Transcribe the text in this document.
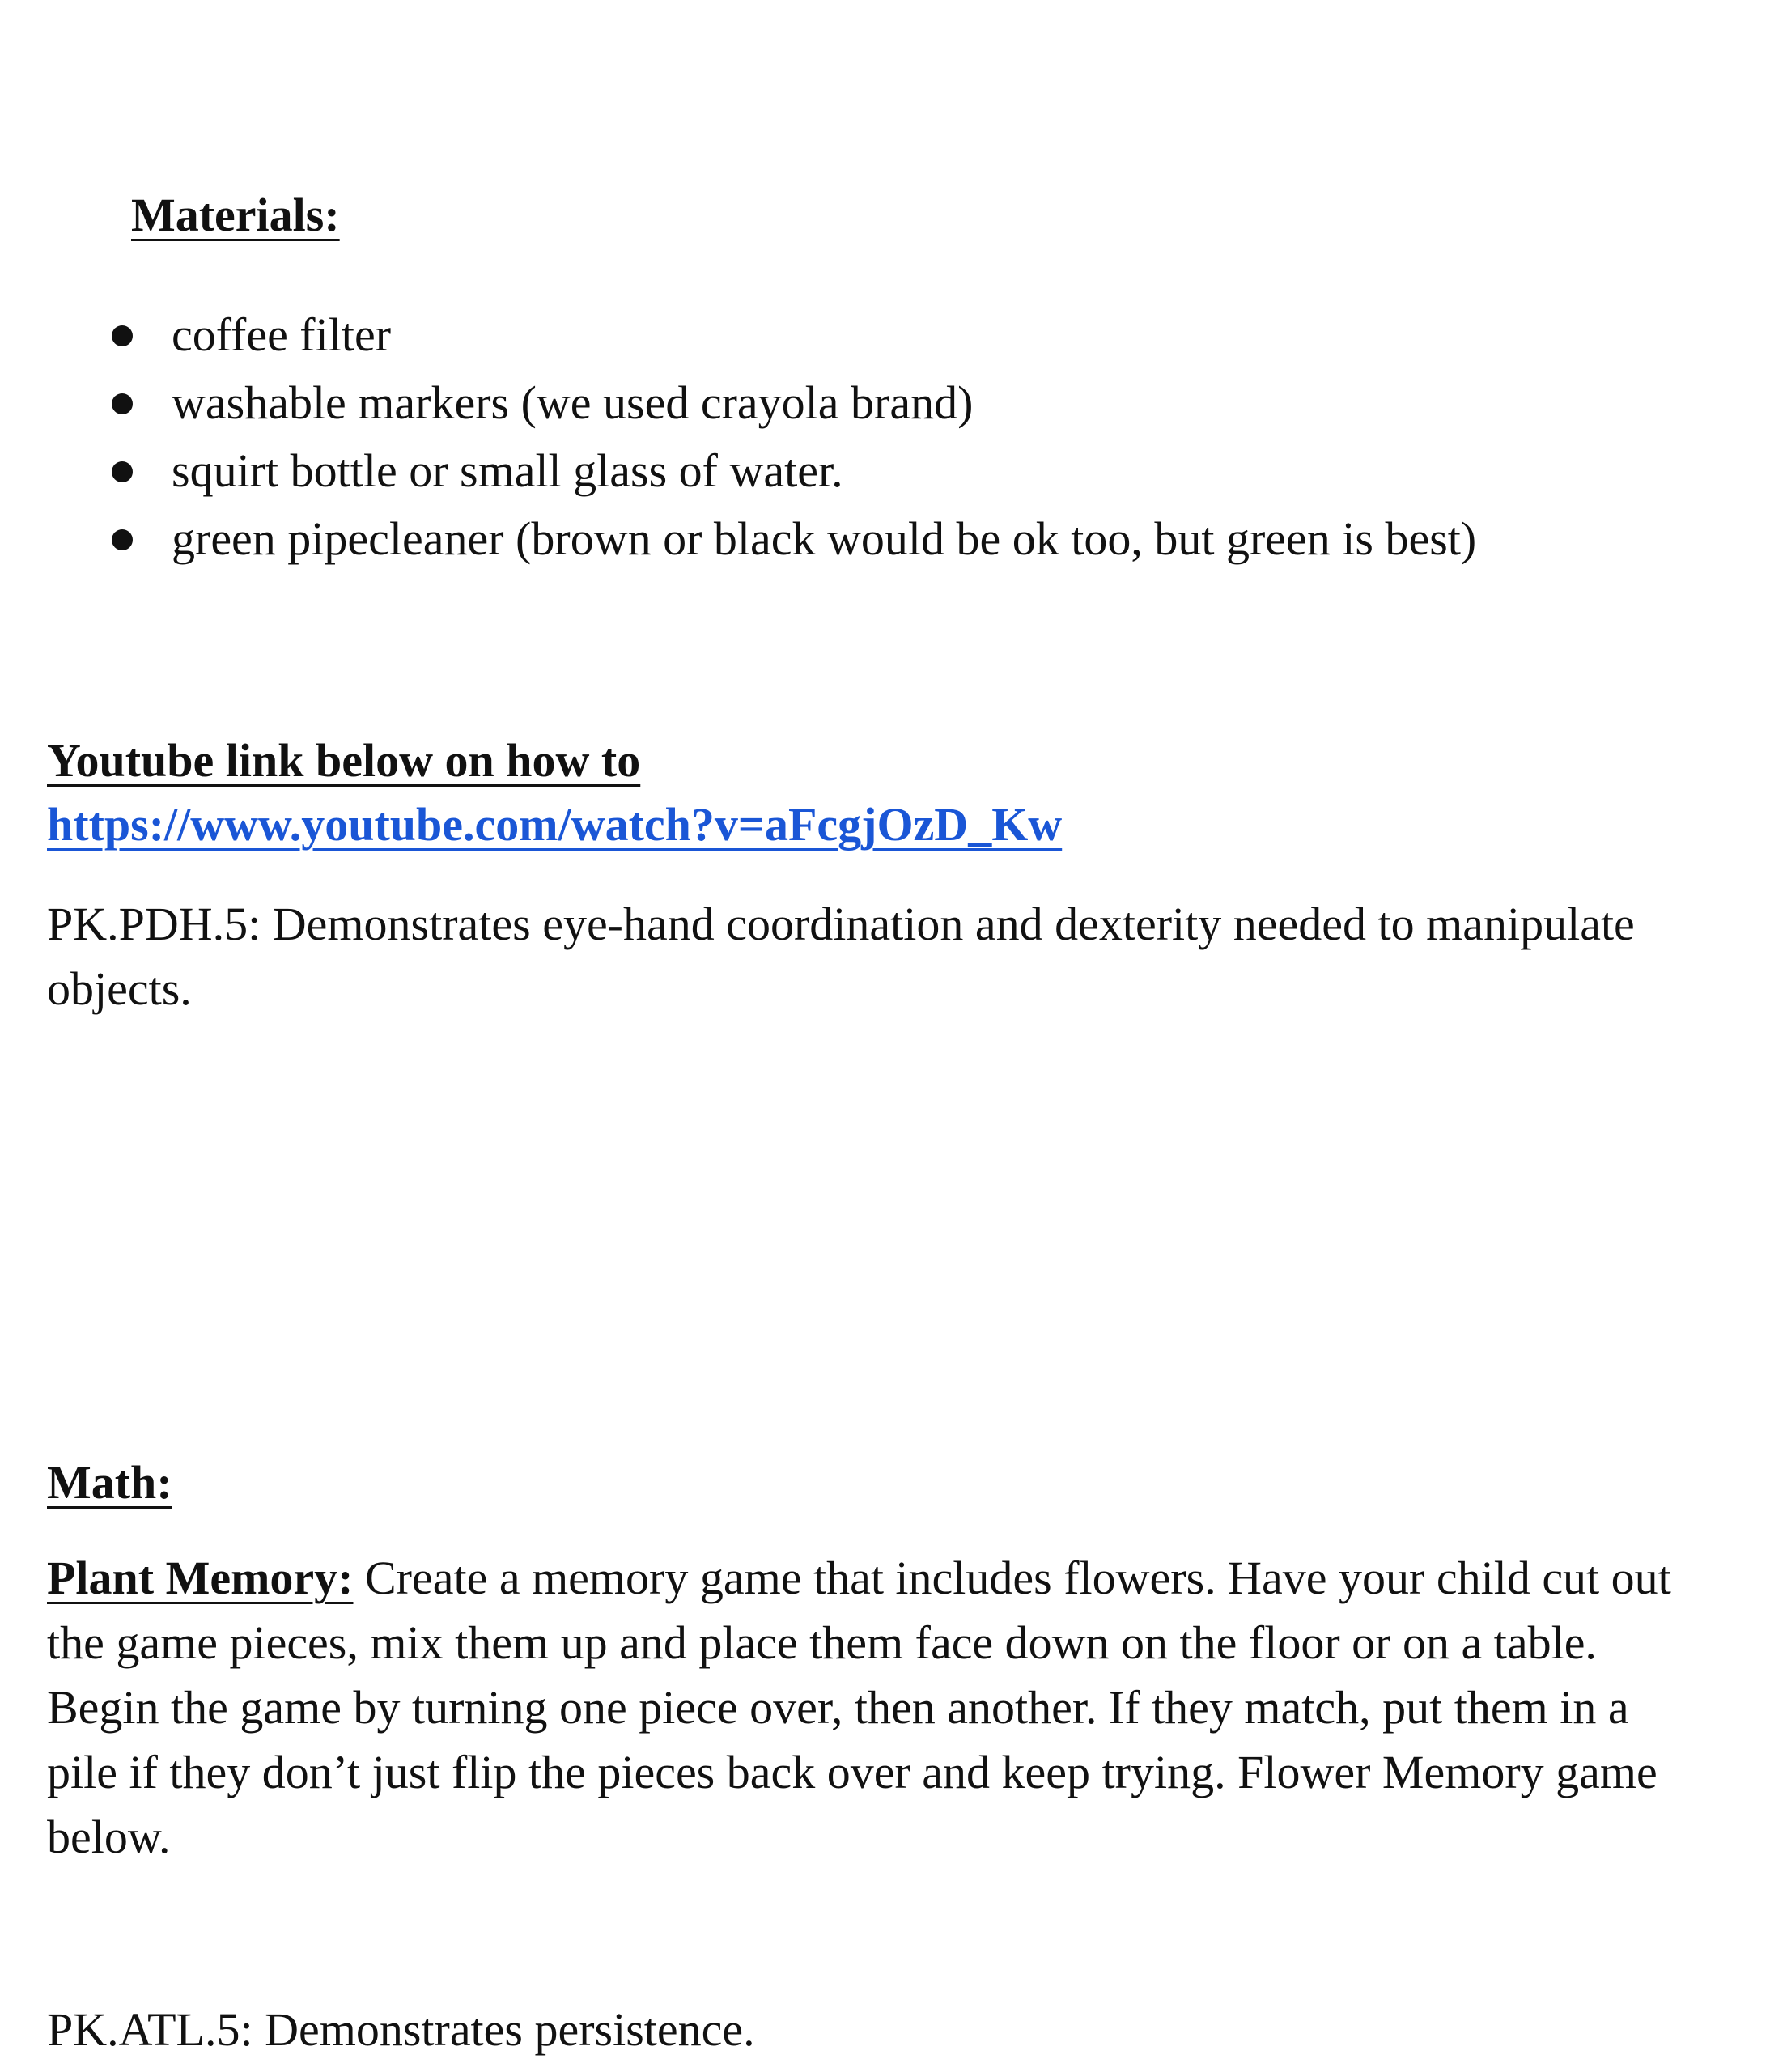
Materials:
coffee filter
washable markers (we used crayola brand)
squirt bottle or small glass of water.
green pipecleaner (brown or black would be ok too, but green is best)
Youtube link below on how to
https://www.youtube.com/watch?v=aFcgjOzD_Kw

PK.PDH.5: Demonstrates eye-hand coordination and dexterity needed to manipulate objects.

Math:

Plant Memory: Create a memory game that includes flowers. Have your child cut out the game pieces, mix them up and place them face down on the floor or on a table. Begin the game by turning one piece over, then another. If they match, put them in a pile if they don’t just flip the pieces back over and keep trying. Flower Memory game below.

PK.ATL.5: Demonstrates persistence.
